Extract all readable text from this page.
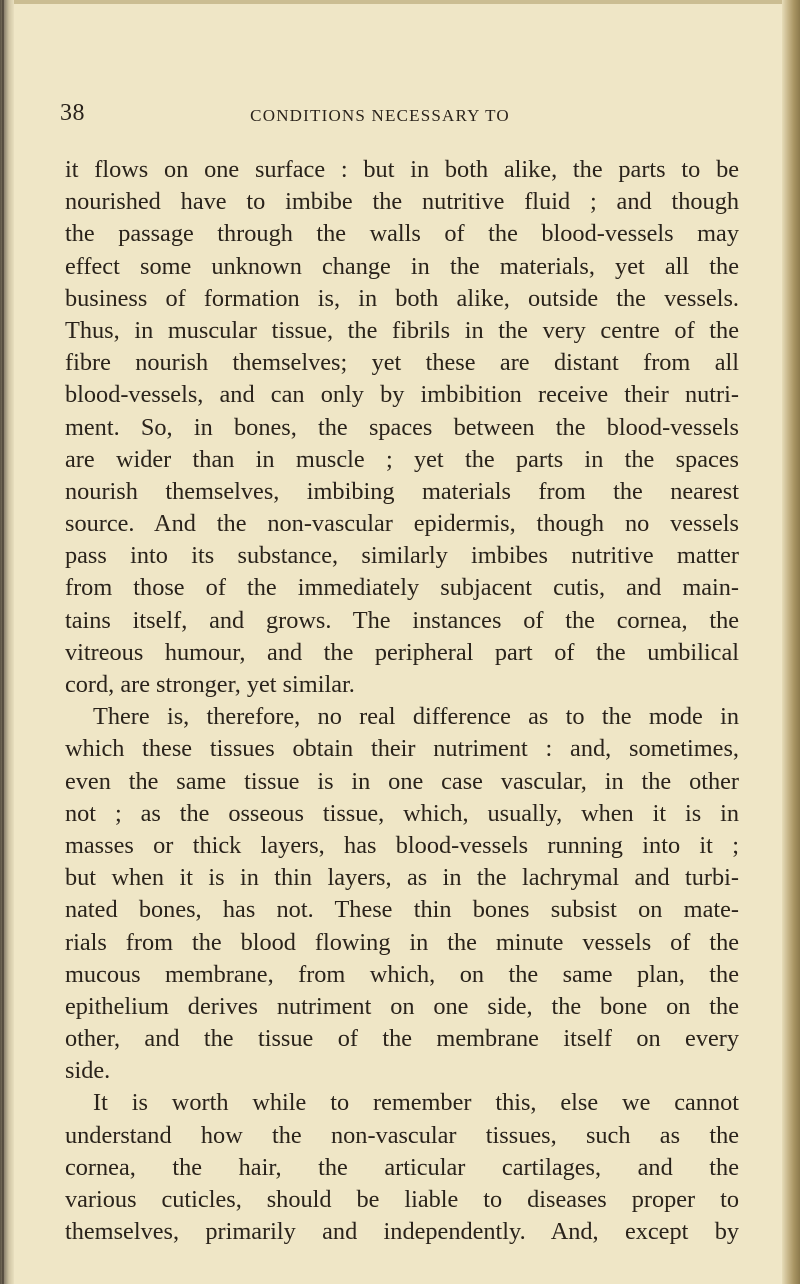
38	CONDITIONS NECESSARY TO
it flows on one surface : but in both alike, the parts to be
nourished have to imbibe the nutritive fluid ; and though
the passage through the walls of the blood-vessels may
effect some unknown change in the materials, yet all the
business of formation is, in both alike, outside the vessels.
Thus, in muscular tissue, the fibrils in the very centre of the
fibre nourish themselves; yet these are distant from all
blood-vessels, and can only by imbibition receive their nutri-
ment. So, in bones, the spaces between the blood-vessels
are wider than in muscle ; yet the parts in the spaces
nourish themselves, imbibing materials from the nearest
source. And the non-vascular epidermis, though no vessels
pass into its substance, similarly imbibes nutritive matter
from those of the immediately subjacent cutis, and main-
tains itself, and grows. The instances of the cornea, the
vitreous humour, and the peripheral part of the umbilical
cord, are stronger, yet similar.
There is, therefore, no real difference as to the mode in
which these tissues obtain their nutriment : and, sometimes,
even the same tissue is in one case vascular, in the other
not ; as the osseous tissue, which, usually, when it is in
masses or thick layers, has blood-vessels running into it ;
but when it is in thin layers, as in the lachrymal and turbi-
nated bones, has not. These thin bones subsist on mate-
rials from the blood flowing in the minute vessels of the
mucous membrane, from which, on the same plan, the
epithelium derives nutriment on one side, the bone on the
other, and the tissue of the membrane itself on every
side.
It is worth while to remember this, else we cannot
understand how the non-vascular tissues, such as the
cornea, the hair, the articular cartilages, and the
various cuticles, should be liable to diseases proper to
themselves, primarily and independently. And, except by
